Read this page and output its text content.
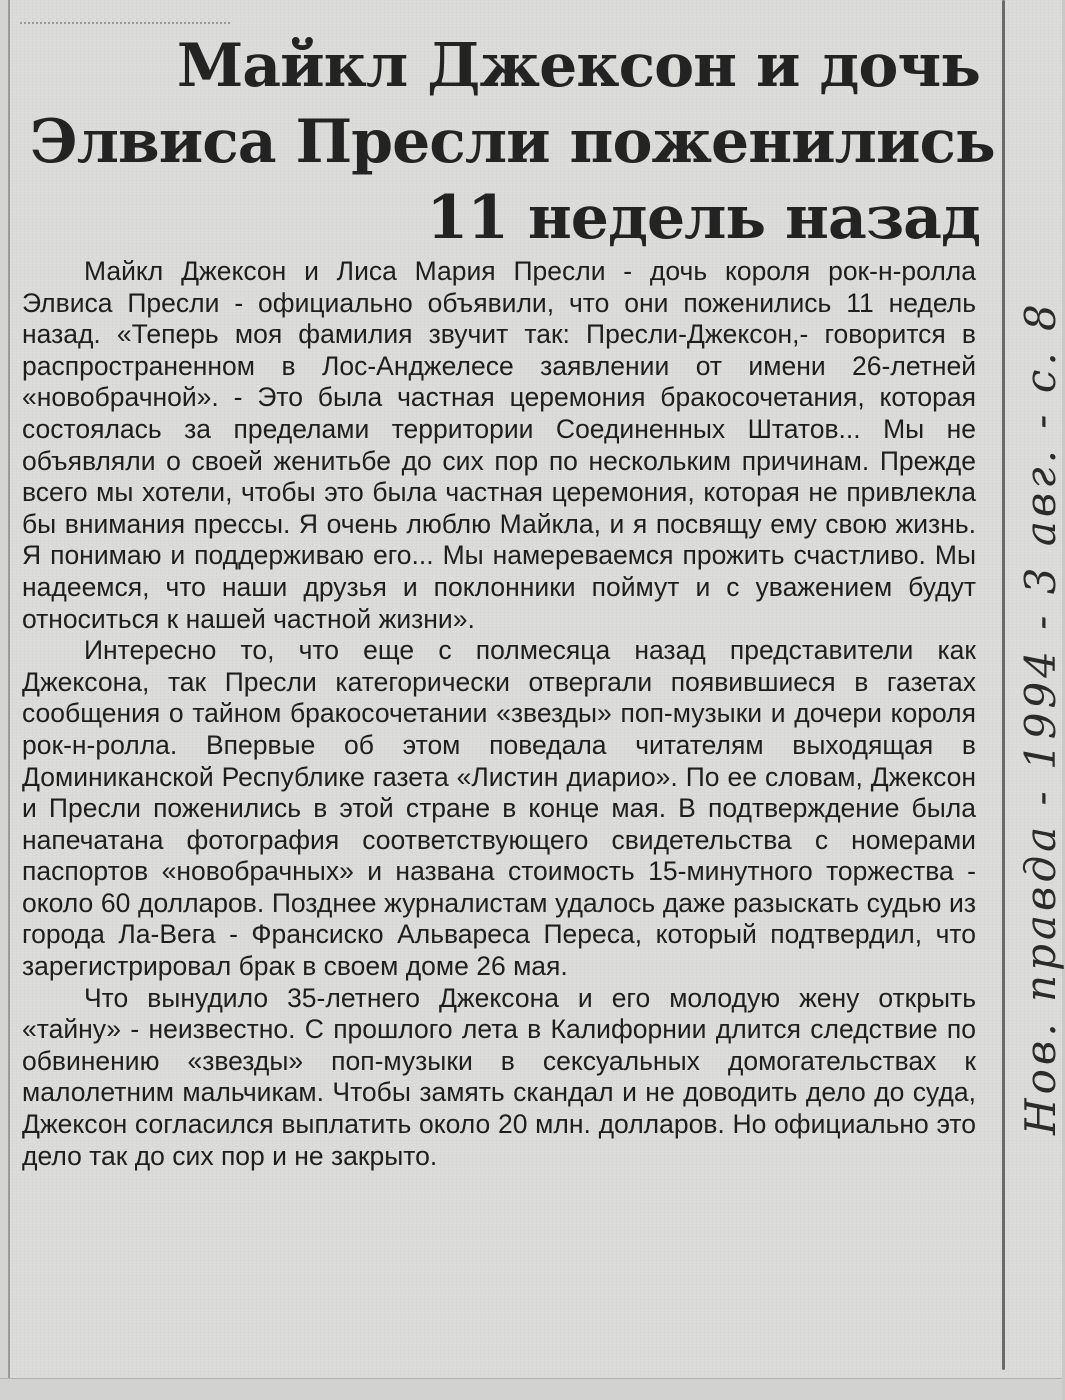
Майкл Джексон и дочь
Элвиса Пресли поженились
11 недель назад

Майкл Джексон и Лиса Мария Пресли - дочь короля рок-н-ролла Элвиса Пресли - официально объявили, что они поженились 11 недель назад. «Теперь моя фамилия звучит так: Пресли-Джексон,- говорится в распространенном в Лос-Анджелесе заявлении от имени 26-летней «новобрачной». - Это была частная церемония бракосочетания, которая состоялась за пределами территории Соединенных Штатов... Мы не объявляли о своей женитьбе до сих пор по нескольким причинам. Прежде всего мы хотели, чтобы это была частная церемония, которая не привлекла бы внимания прессы. Я очень люблю Майкла, и я посвящу ему свою жизнь. Я понимаю и поддерживаю его... Мы намереваемся прожить счастливо. Мы надеемся, что наши друзья и поклонники поймут и с уважением будут относиться к нашей частной жизни».

Интересно то, что еще с полмесяца назад представители как Джексона, так Пресли категорически отвергали появившиеся в газетах сообщения о тайном бракосочетании «звезды» поп-музыки и дочери короля рок-н-ролла. Впервые об этом поведала читателям выходящая в Доминиканской Республике газета «Листин диарио». По ее словам, Джексон и Пресли поженились в этой стране в конце мая. В подтверждение была напечатана фотография соответствующего свидетельства с номерами паспортов «новобрачных» и названа стоимость 15-минутного торжества - около 60 долларов. Позднее журналистам удалось даже разыскать судью из города Ла-Вега - Франсиско Альвареса Переса, который подтвердил, что зарегистрировал брак в своем доме 26 мая.

Что вынудило 35-летнего Джексона и его молодую жену открыть «тайну» - неизвестно. С прошлого лета в Калифорнии длится следствие по обвинению «звезды» поп-музыки в сексуальных домогательствах к малолетним мальчикам. Чтобы замять скандал и не доводить дело до суда, Джексон согласился выплатить около 20 млн. долларов. Но официально это дело так до сих пор и не закрыто.

Нов. правда - 1994 - 3 авг. - с. 8
